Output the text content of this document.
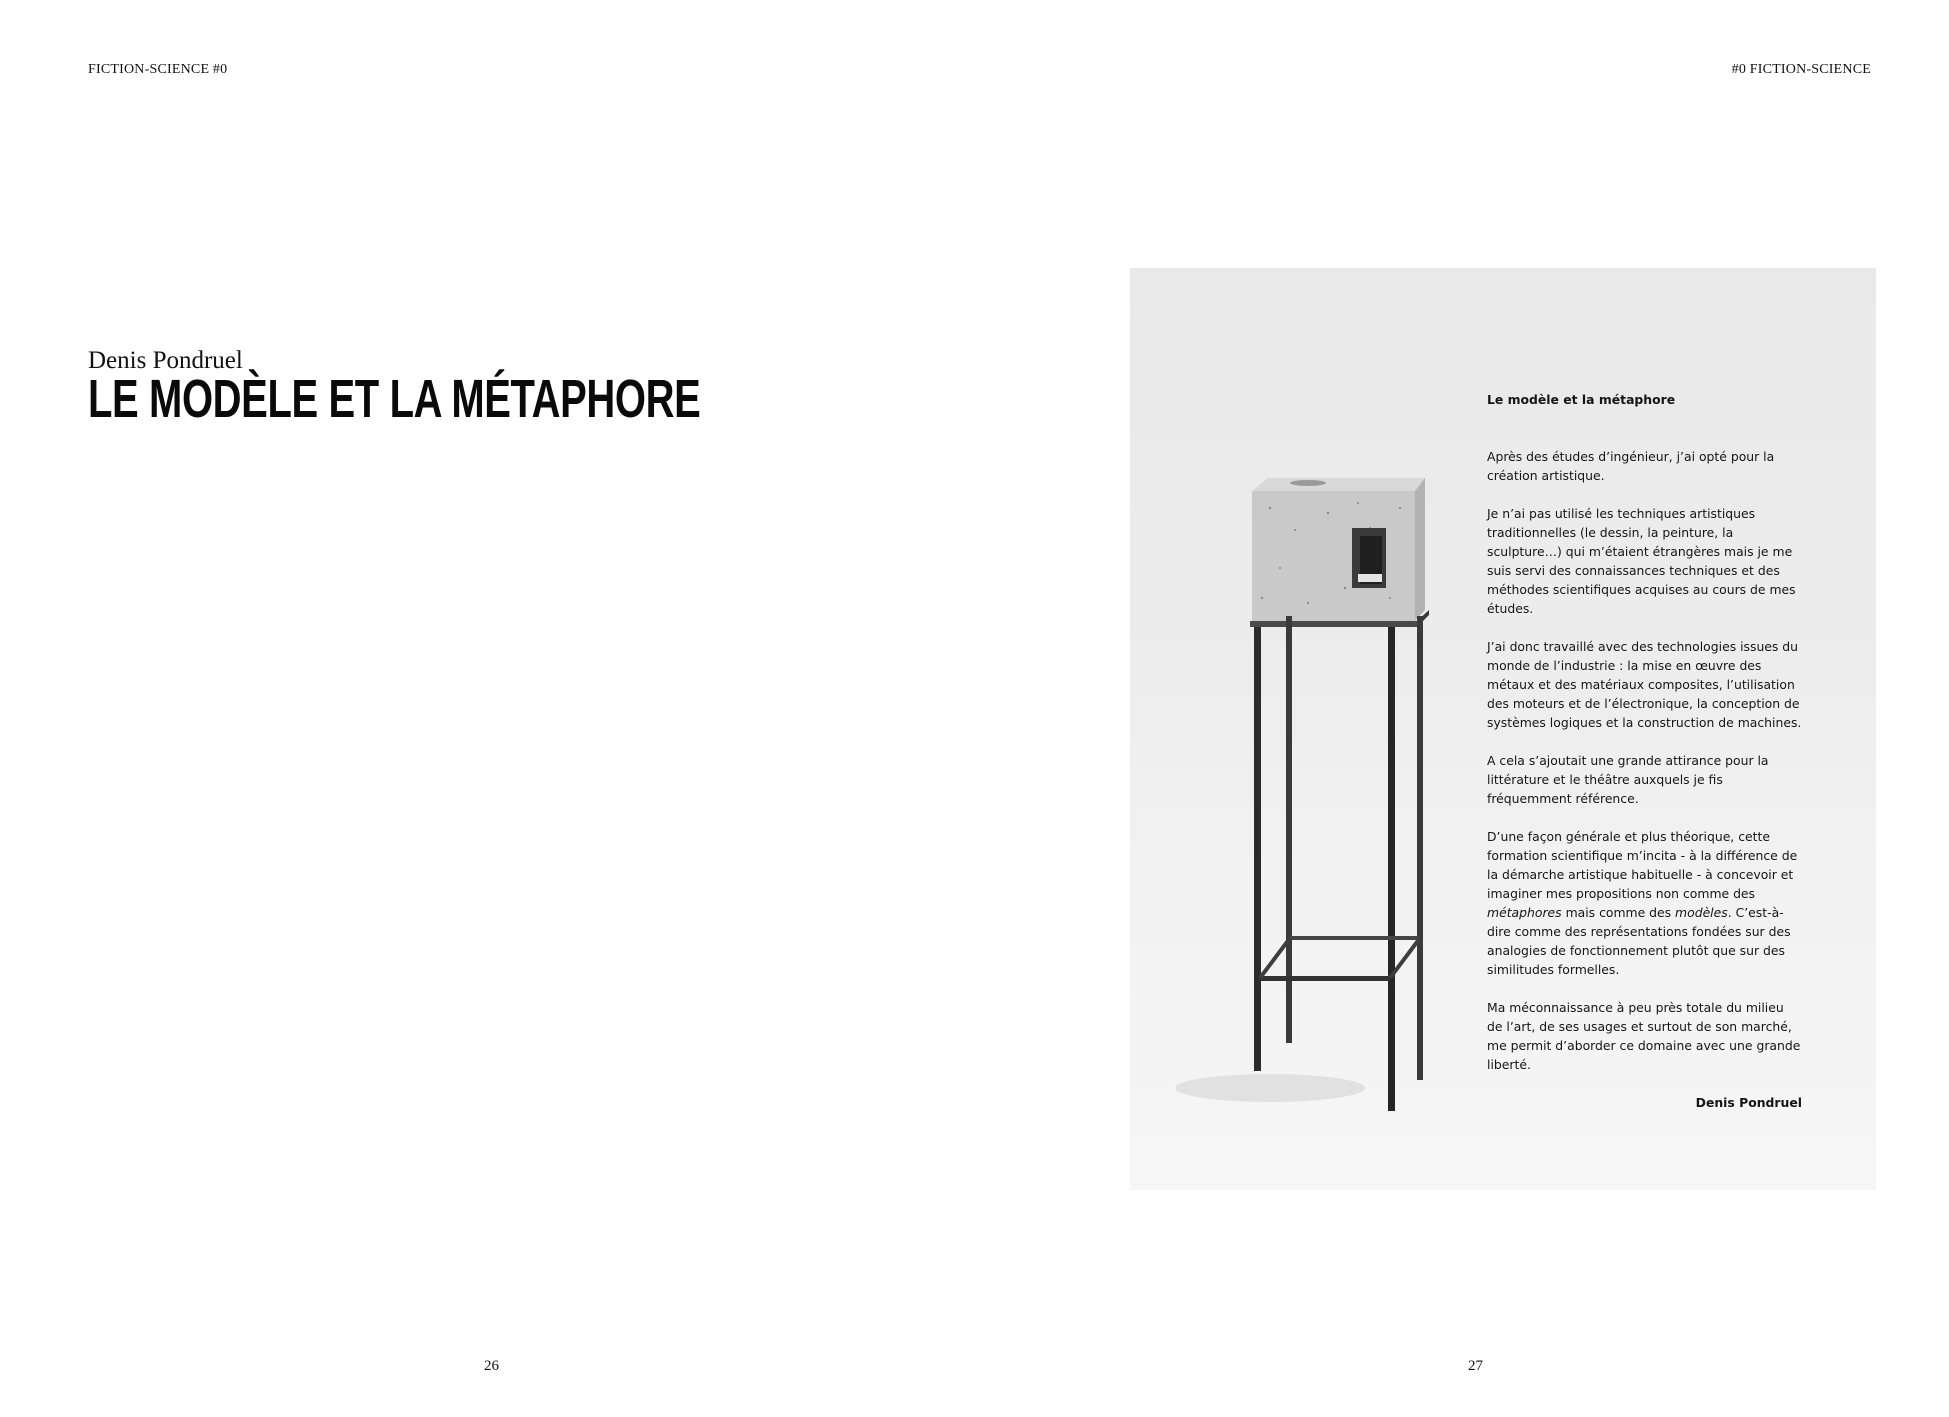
FICTION-SCIENCE #0	#0 FICTION-SCIENCE
Denis Pondruel
LE MODÈLE ET LA MÉTAPHORE	Le modèle et la métaphore

Après des études d’ingénieur, j’ai opté pour la création artistique.

Je n’ai pas utilisé les techniques artistiques traditionnelles (le dessin, la peinture, la sculpture…) qui m’étaient étrangères mais je me suis servi des connaissances techniques et des méthodes scientifiques acquises au cours de mes études.

J’ai donc travaillé avec des technologies issues du monde de l’industrie : la mise en œuvre des métaux et des matériaux composites, l’utilisation des moteurs et de l’électronique, la conception de systèmes logiques et la construction de machines.

A cela s’ajoutait une grande attirance pour la littérature et le théâtre auxquels je fis fréquemment référence.

D’une façon générale et plus théorique, cette formation scientifique m’incita - à la différence de la démarche artistique habituelle - à concevoir et imaginer mes propositions non comme des métaphores mais comme des modèles. C’est-à-dire comme des représentations fondées sur des analogies de fonctionnement plutôt que sur des similitudes formelles.

Ma méconnaissance à peu près totale du milieu de l’art, de ses usages et surtout de son marché, me permit d’aborder ce domaine avec une grande liberté.

Denis Pondruel

26	27
